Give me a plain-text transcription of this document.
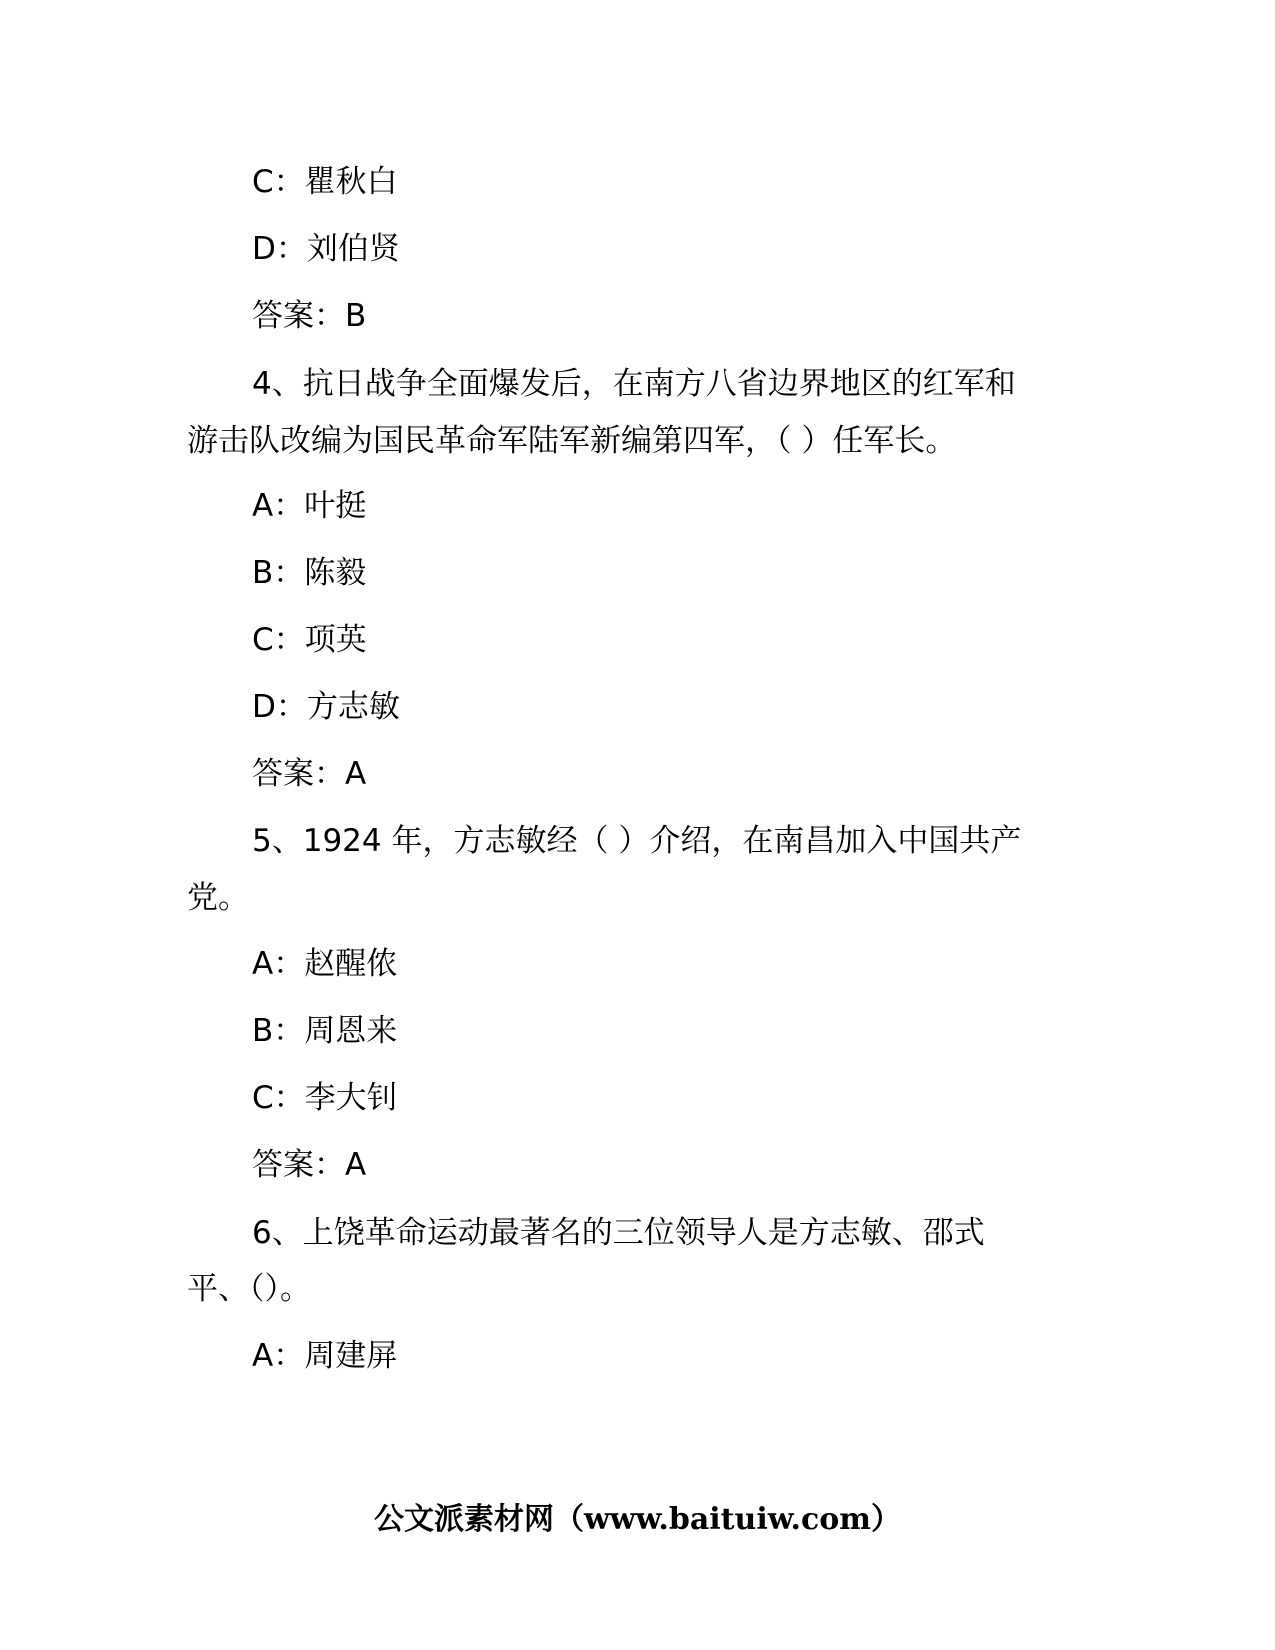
C：瞿秋白
D：刘伯贤
答案：B
4、抗日战争全面爆发后，在南方八省边界地区的红军和
游击队改编为国民革命军陆军新编第四军，（ ）任军长。
A：叶挺
B：陈毅
C：项英
D：方志敏
答案：A
5、1924 年，方志敏经（ ）介绍，在南昌加入中国共产
党。
A：赵醒侬
B：周恩来
C：李大钊
答案：A
6、上饶革命运动最著名的三位领导人是方志敏、邵式
平、（）。
A：周建屏
公文派素材网（www.baituiw.com）
